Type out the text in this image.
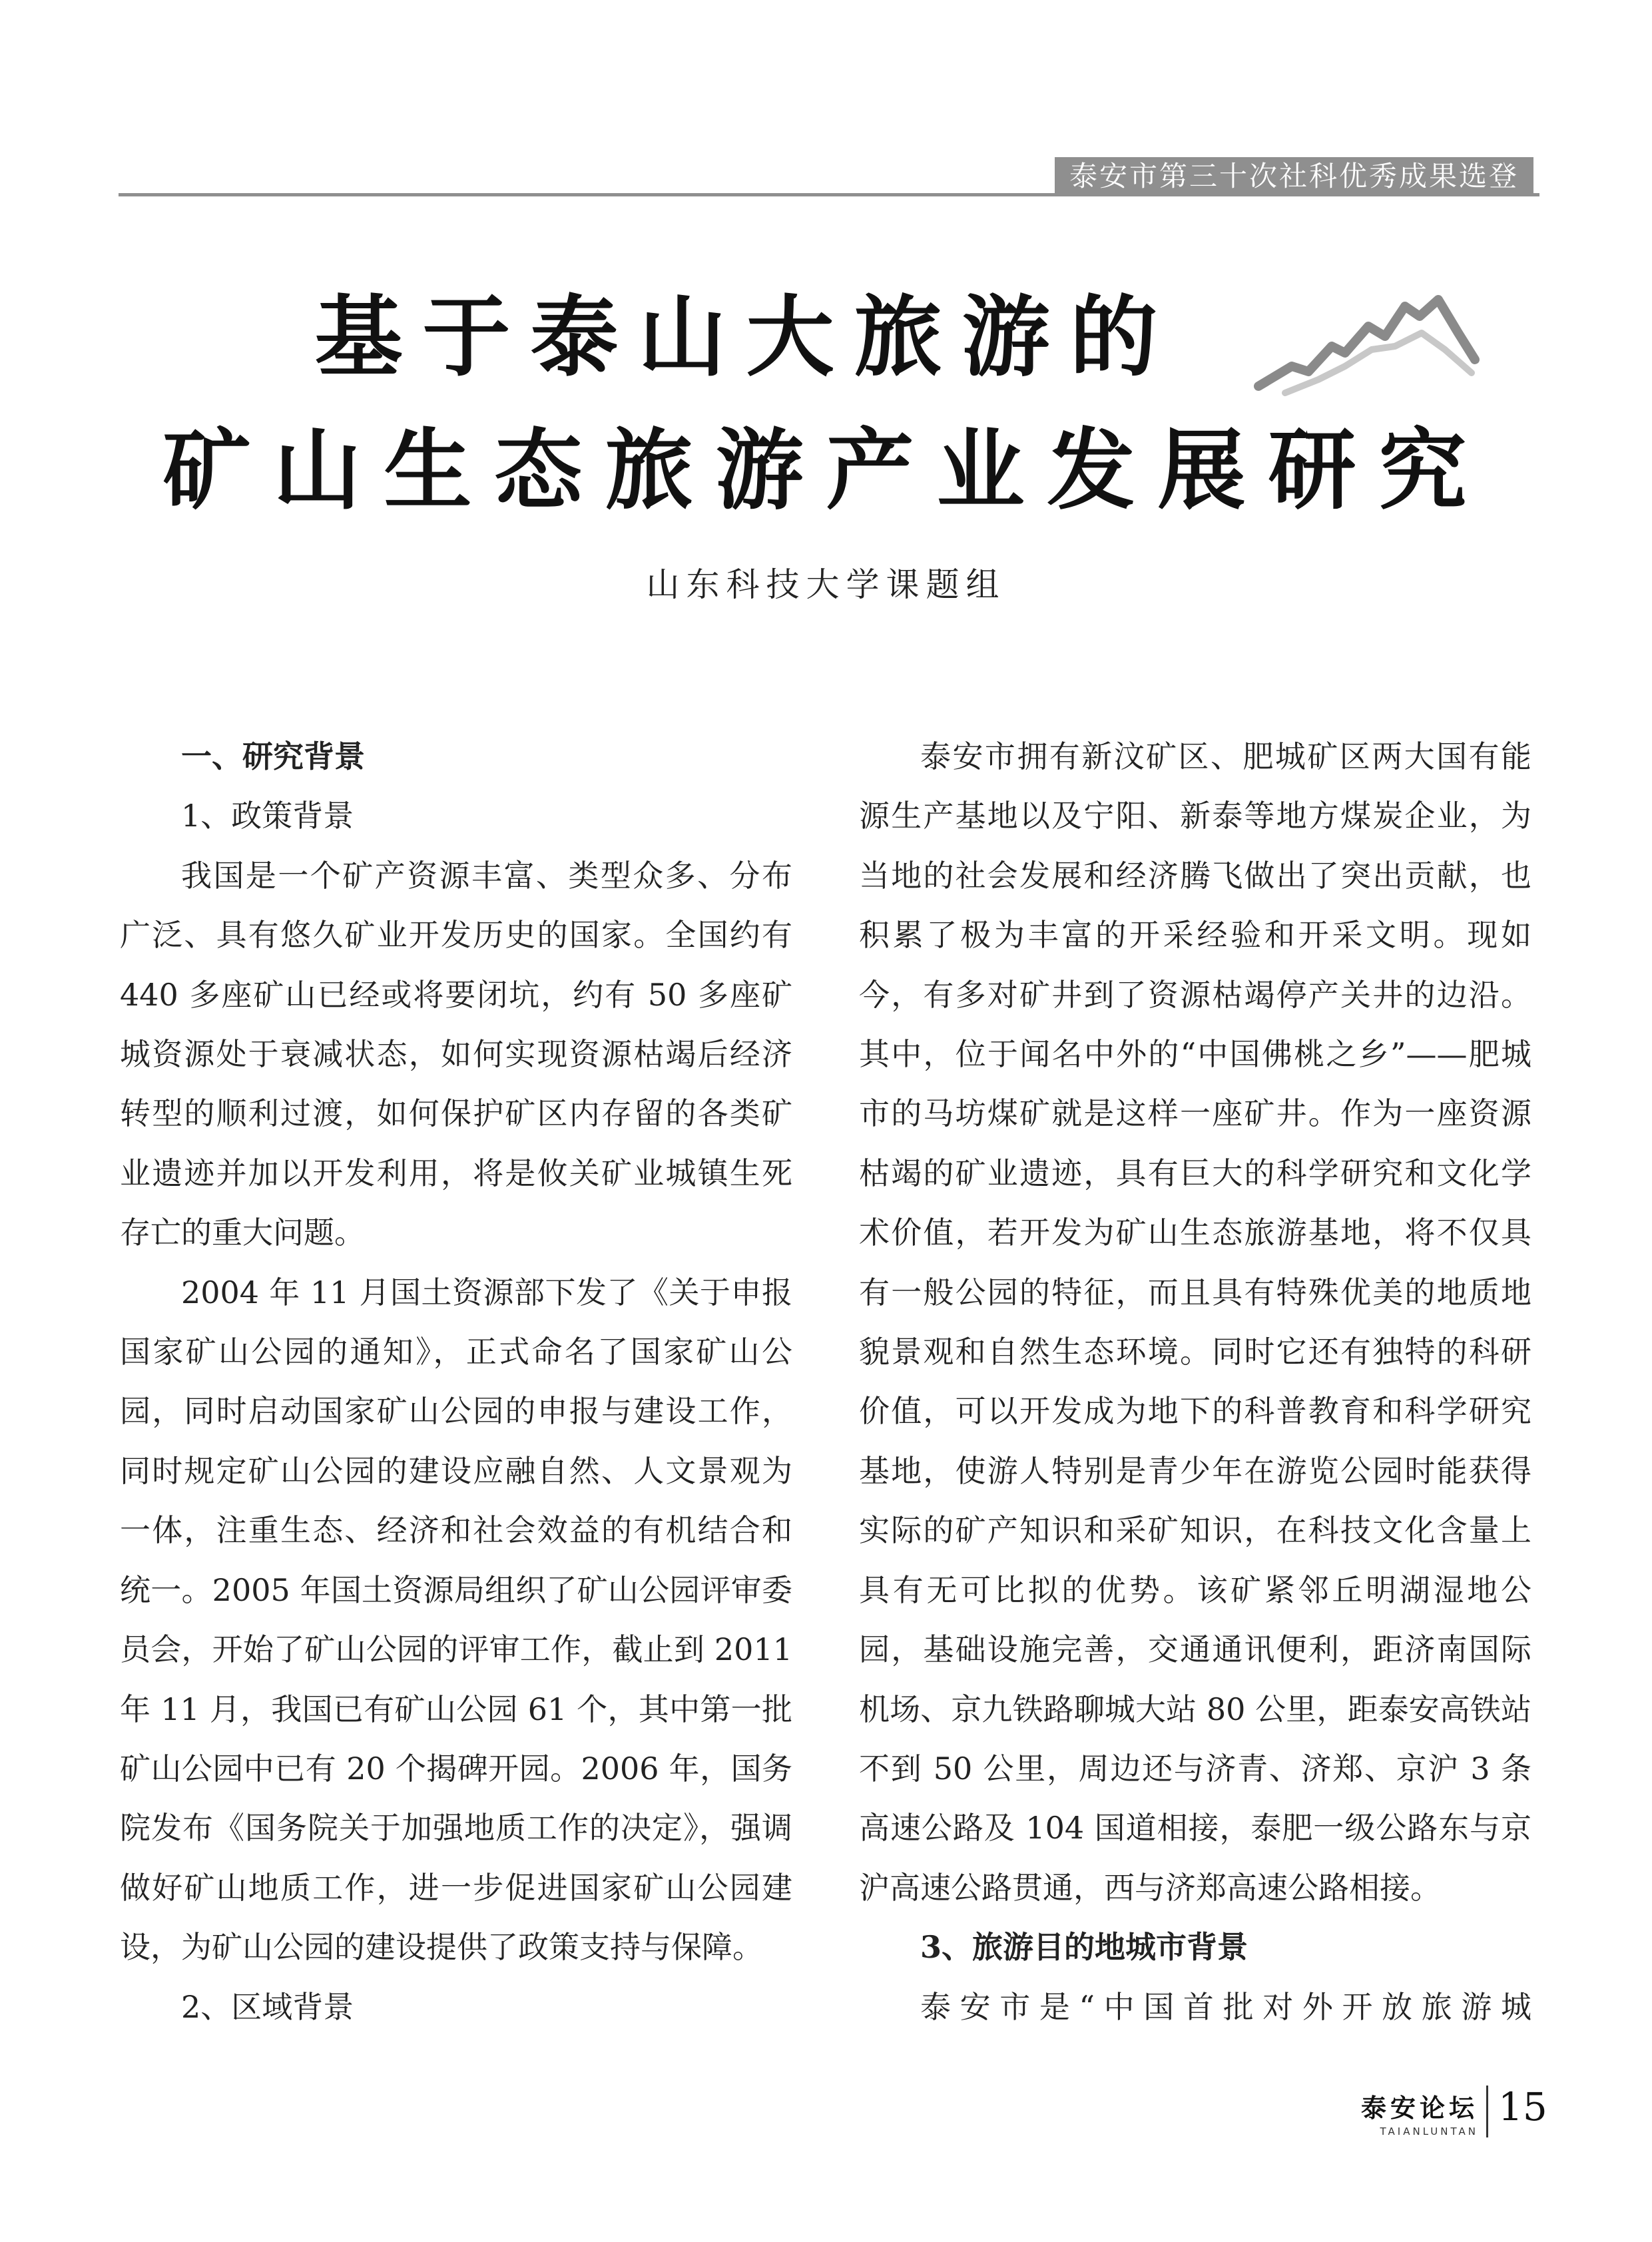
泰安市第三十次社科优秀成果选登
基于泰山大旅游的
矿山生态旅游产业发展研究
山东科技大学课题组

一、研究背景

1、政策背景

我国是一个矿产资源丰富、类型众多、分布广泛、具有悠久矿业开发历史的国家。全国约有 440 多座矿山已经或将要闭坑，约有 50 多座矿城资源处于衰减状态，如何实现资源枯竭后经济转型的顺利过渡，如何保护矿区内存留的各类矿业遗迹并加以开发利用，将是攸关矿业城镇生死存亡的重大问题。

2004 年 11 月国土资源部下发了《关于申报国家矿山公园的通知》，正式命名了国家矿山公园，同时启动国家矿山公园的申报与建设工作，同时规定矿山公园的建设应融自然、人文景观为一体，注重生态、经济和社会效益的有机结合和统一。2005 年国土资源局组织了矿山公园评审委员会，开始了矿山公园的评审工作，截止到 2011 年 11 月，我国已有矿山公园 61 个，其中第一批矿山公园中已有 20 个揭碑开园。2006 年，国务院发布《国务院关于加强地质工作的决定》，强调做好矿山地质工作，进一步促进国家矿山公园建设，为矿山公园的建设提供了政策支持与保障。

2、区域背景

泰安市拥有新汶矿区、肥城矿区两大国有能源生产基地以及宁阳、新泰等地方煤炭企业，为当地的社会发展和经济腾飞做出了突出贡献，也积累了极为丰富的开采经验和开采文明。现如今，有多对矿井到了资源枯竭停产关井的边沿。其中，位于闻名中外的“中国佛桃之乡”——肥城市的马坊煤矿就是这样一座矿井。作为一座资源枯竭的矿业遗迹，具有巨大的科学研究和文化学术价值，若开发为矿山生态旅游基地，将不仅具有一般公园的特征，而且具有特殊优美的地质地貌景观和自然生态环境。同时它还有独特的科研价值，可以开发成为地下的科普教育和科学研究基地，使游人特别是青少年在游览公园时能获得实际的矿产知识和采矿知识，在科技文化含量上具有无可比拟的优势。该矿紧邻丘明湖湿地公园，基础设施完善，交通通讯便利，距济南国际机场、京九铁路聊城大站 80 公里，距泰安高铁站不到 50 公里，周边还与济青、济郑、京沪 3 条高速公路及 104 国道相接，泰肥一级公路东与京沪高速公路贯通，西与济郑高速公路相接。

3、旅游目的地城市背景

泰安市是“中国首批对外开放旅游城

泰安论坛
TAIANLUNTAN
15
